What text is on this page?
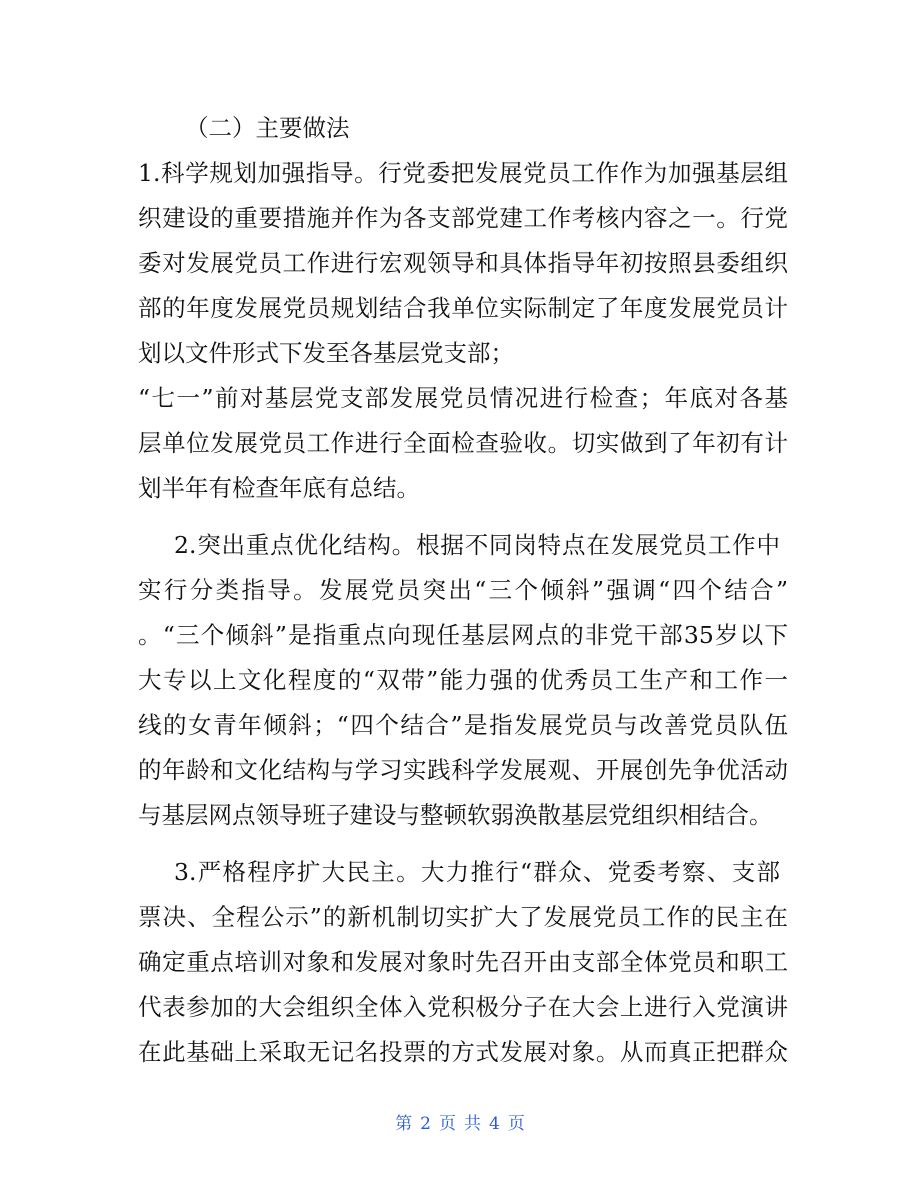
（二）主要做法
1.科学规划加强指导。行党委把发展党员工作作为加强基层组
织建设的重要措施并作为各支部党建工作考核内容之一。行党
委对发展党员工作进行宏观领导和具体指导年初按照县委组织
部的年度发展党员规划结合我单位实际制定了年度发展党员计
划以文件形式下发至各基层党支部；
“七一”前对基层党支部发展党员情况进行检查；年底对各基
层单位发展党员工作进行全面检查验收。切实做到了年初有计
划半年有检查年底有总结。
2.突出重点优化结构。根据不同岗特点在发展党员工作中
实行分类指导。发展党员突出“三个倾斜”强调“四个结合”
。“三个倾斜”是指重点向现任基层网点的非党干部35岁以下
大专以上文化程度的“双带”能力强的优秀员工生产和工作一
线的女青年倾斜；“四个结合”是指发展党员与改善党员队伍
的年龄和文化结构与学习实践科学发展观、开展创先争优活动
与基层网点领导班子建设与整顿软弱涣散基层党组织相结合。
3.严格程序扩大民主。大力推行“群众、党委考察、支部
票决、全程公示”的新机制切实扩大了发展党员工作的民主在
确定重点培训对象和发展对象时先召开由支部全体党员和职工
代表参加的大会组织全体入党积极分子在大会上进行入党演讲
在此基础上采取无记名投票的方式发展对象。从而真正把群众
第 2 页 共 4 页
